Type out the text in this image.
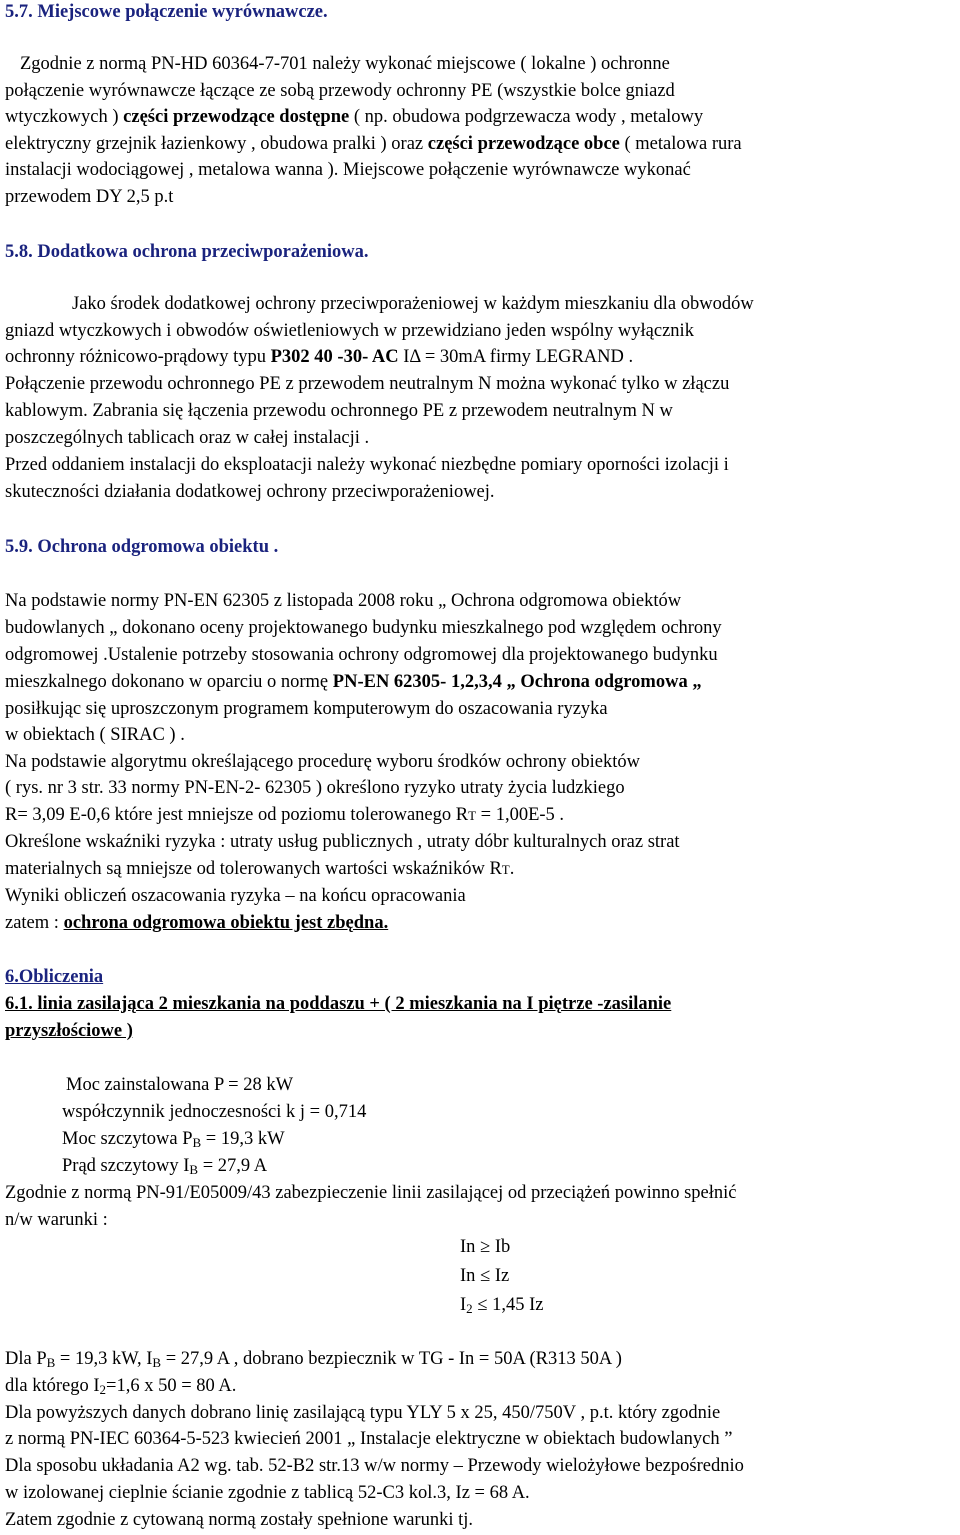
5.7. Miejscowe połączenie wyrównawcze.
Zgodnie z normą PN-HD 60364-7-701 należy wykonać miejscowe ( lokalne ) ochronne
połączenie wyrównawcze łączące ze sobą przewody ochronny PE (wszystkie bolce gniazd
wtyczkowych ) części przewodzące dostępne ( np. obudowa podgrzewacza wody , metalowy
elektryczny grzejnik łazienkowy , obudowa pralki ) oraz części przewodzące obce ( metalowa rura
instalacji wodociągowej , metalowa wanna ). Miejscowe połączenie wyrównawcze wykonać
przewodem DY 2,5 p.t
5.8. Dodatkowa ochrona przeciwporażeniowa.
Jako środek dodatkowej ochrony przeciwporażeniowej w każdym mieszkaniu dla obwodów
gniazd wtyczkowych i obwodów oświetleniowych w przewidziano jeden wspólny wyłącznik
ochronny różnicowo-prądowy typu P302 40 -30- AC IΔ = 30mA firmy LEGRAND .
Połączenie przewodu ochronnego PE z przewodem neutralnym N można wykonać tylko w złączu
kablowym. Zabrania się łączenia przewodu ochronnego PE z przewodem neutralnym N w
poszczególnych tablicach oraz w całej instalacji .
Przed oddaniem instalacji do eksploatacji należy wykonać niezbędne pomiary oporności izolacji i
skuteczności działania dodatkowej ochrony przeciwporażeniowej.
5.9. Ochrona odgromowa obiektu .
Na podstawie normy PN-EN 62305 z listopada 2008 roku „ Ochrona odgromowa obiektów
budowlanych „ dokonano oceny projektowanego budynku mieszkalnego pod względem ochrony
odgromowej .Ustalenie potrzeby stosowania ochrony odgromowej dla projektowanego budynku
mieszkalnego dokonano w oparciu o normę PN-EN 62305- 1,2,3,4 „ Ochrona odgromowa „
posiłkując się uproszczonym programem komputerowym do oszacowania ryzyka
w obiektach ( SIRAC ) .
Na podstawie algorytmu określającego procedurę wyboru środków ochrony obiektów
( rys. nr 3 str. 33 normy PN-EN-2- 62305 ) określono ryzyko utraty życia ludzkiego
R= 3,09 E-0,6 które jest mniejsze od poziomu tolerowanego RT = 1,00E-5 .
Określone wskaźniki ryzyka : utraty usług publicznych , utraty dóbr kulturalnych oraz strat
materialnych są mniejsze od tolerowanych wartości wskaźników RT.
Wyniki obliczeń oszacowania ryzyka – na końcu opracowania
zatem : ochrona odgromowa obiektu jest zbędna.
6.Obliczenia
6.1. linia zasilająca 2 mieszkania na poddaszu + ( 2 mieszkania na I piętrze -zasilanie
przyszłościowe )
Moc zainstalowana P = 28 kW
współczynnik jednoczesności k j = 0,714
Moc szczytowa $P_B = 19,3$ kW
Prąd szczytowy $I_B = 27,9$ A
Zgodnie z normą PN-91/E05009/43 zabezpieczenie linii zasilającej od przeciążeń powinno spełnić
n/w warunki :
In ≥ Ib
In ≤ Iz
$I_2 \le 1,45$ Iz
Dla $P_B = 19,3$ kW, $I_B = 27,9$ A , dobrano bezpiecznik w TG - In = 50A (R313 50A )
dla którego $I_2=1,6$ x 50 = 80 A.
Dla powyższych danych dobrano linię zasilającą typu YLY 5 x 25, 450/750V , p.t. który zgodnie
z normą PN-IEC 60364-5-523 kwiecień 2001 „ Instalacje elektryczne w obiektach budowlanych ”
Dla sposobu układania A2 wg. tab. 52-B2 str.13 w/w normy – Przewody wielożyłowe bezpośrednio
w izolowanej cieplnie ścianie zgodnie z tablicą 52-C3 kol.3, Iz = 68 A.
Zatem zgodnie z cytowaną normą zostały spełnione warunki tj.
